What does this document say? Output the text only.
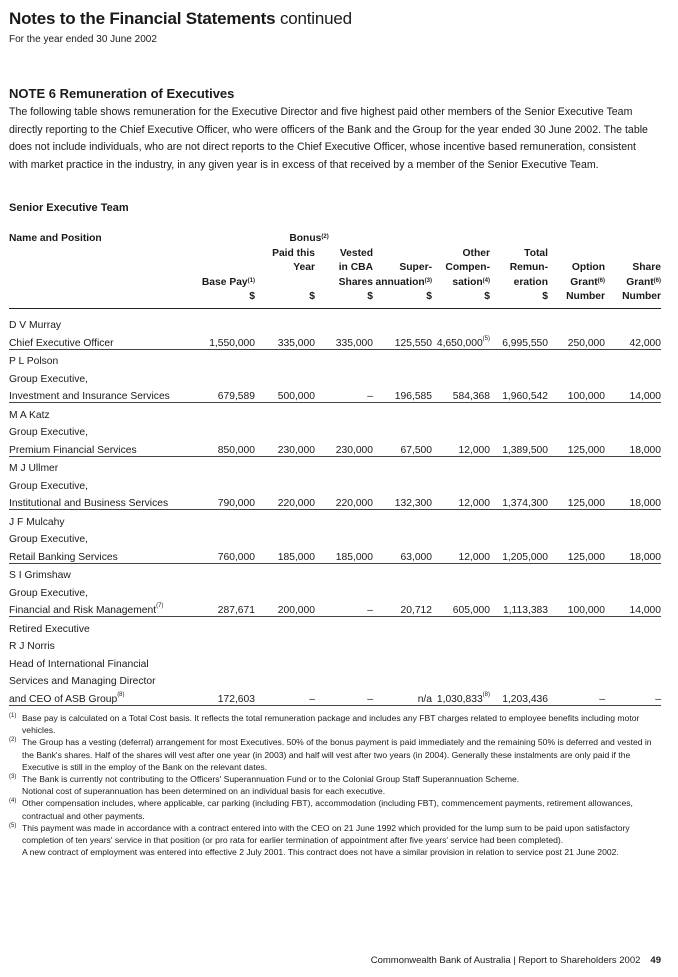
Notes to the Financial Statements continued
For the year ended 30 June 2002
NOTE 6 Remuneration of Executives
The following table shows remuneration for the Executive Director and five highest paid other members of the Senior Executive Team directly reporting to the Chief Executive Officer, who were officers of the Bank and the Group for the year ended 30 June 2002. The table does not include individuals, who are not direct reports to the Chief Executive Officer, whose incentive based remuneration, consistent with market practice in the industry, in any given year is in excess of that received by a member of the Senior Executive Team.
Senior Executive Team
Name and Position		Bonus$^{(2)}$					
		Paid this	Vested		Other	Total		
		Year	in CBA	Super-	Compen-	Remun-	Option	Share
	Base Pay$^{(1)}$		Shares	annuation$^{(3)}$	sation$^{(4)}$	eration	Grant$^{(6)}$	Grant$^{(6)}$
	$	$	$	$	$	$	Number	Number

D V Murray								
Chief Executive Officer	1,550,000	335,000	335,000	125,550	4,650,000$^{(5)}$	6,995,550	250,000	42,000
P L Polson								
Group Executive,								
Investment and Insurance Services	679,589	500,000	–	196,585	584,368	1,960,542	100,000	14,000
M A Katz								
Group Executive,								
Premium Financial Services	850,000	230,000	230,000	67,500	12,000	1,389,500	125,000	18,000
M J Ullmer								
Group Executive,								
Institutional and Business Services	790,000	220,000	220,000	132,300	12,000	1,374,300	125,000	18,000
J F Mulcahy								
Group Executive,								
Retail Banking Services	760,000	185,000	185,000	63,000	12,000	1,205,000	125,000	18,000
S I Grimshaw								
Group Executive,								
Financial and Risk Management$^{(7)}$	287,671	200,000	–	20,712	605,000	1,113,383	100,000	14,000
Retired Executive								
R J Norris								
Head of International Financial								
Services and Managing Director								
and CEO of ASB Group$^{(8)}$	172,603	–	–	n/a	1,030,833$^{(8)}$	1,203,436	–	–
(1) Base pay is calculated on a Total Cost basis. It reflects the total remuneration package and includes any FBT charges related to employee benefits including motor vehicles.
(2) The Group has a vesting (deferral) arrangement for most Executives. 50% of the bonus payment is paid immediately and the remaining 50% is deferred and vested in the Bank's shares. Half of the shares will vest after one year (in 2003) and half will vest after two years (in 2004). Generally these instalments are only paid if the Executive is still in the employ of the Bank on the relevant dates.
(3) The Bank is currently not contributing to the Officers' Superannuation Fund or to the Colonial Group Staff Superannuation Scheme.
Notional cost of superannuation has been determined on an individual basis for each executive.
(4) Other compensation includes, where applicable, car parking (including FBT), accommodation (including FBT), commencement payments, retirement allowances, contractual and other payments.
(5) This payment was made in accordance with a contract entered into with the CEO on 21 June 1992 which provided for the lump sum to be paid upon satisfactory completion of ten years' service in that position (or pro rata for earlier termination of appointment after five years' service had been completed).
A new contract of employment was entered into effective 2 July 2001. This contract does not have a similar provision in relation to service post 21 June 2002.
Commonwealth Bank of Australia | Report to Shareholders 2002 49
